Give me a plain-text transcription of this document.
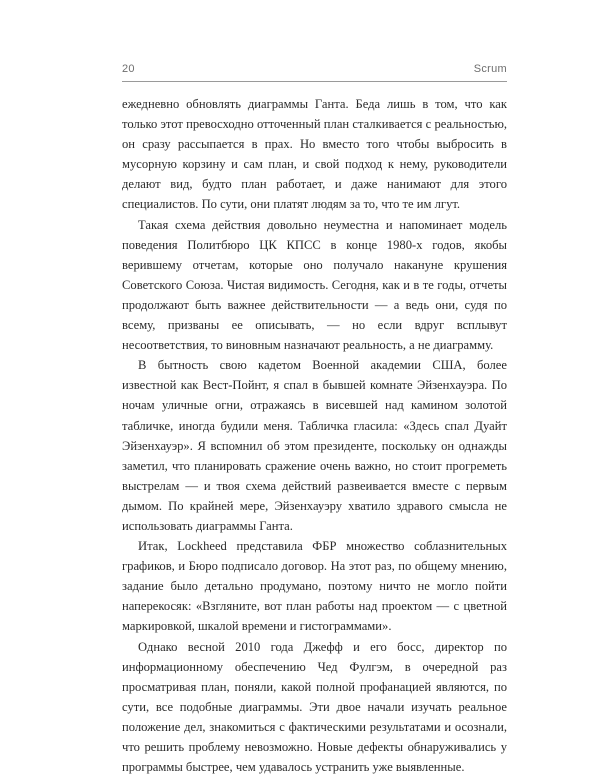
20	Scrum

ежедневно обновлять диаграммы Ганта. Беда лишь в том, что как только этот превосходно отточенный план сталкивается с реальностью, он сразу рассыпается в прах. Но вместо того чтобы выбросить в мусорную корзину и сам план, и свой подход к нему, руководители делают вид, будто план работает, и даже нанимают для этого специалистов. По сути, они платят людям за то, что те им лгут.

Такая схема действия довольно неуместна и напоминает модель поведения Политбюро ЦК КПСС в конце 1980-х годов, якобы верившему отчетам, которые оно получало накануне крушения Советского Союза. Чистая видимость. Сегодня, как и в те годы, отчеты продолжают быть важнее действительности — а ведь они, судя по всему, призваны ее описывать, — но если вдруг всплывут несоответствия, то виновным назначают реальность, а не диаграмму.

В бытность свою кадетом Военной академии США, более известной как Вест-Пойнт, я спал в бывшей комнате Эйзенхауэра. По ночам уличные огни, отражаясь в висевшей над камином золотой табличке, иногда будили меня. Табличка гласила: «Здесь спал Дуайт Эйзенхауэр». Я вспомнил об этом президенте, поскольку он однажды заметил, что планировать сражение очень важно, но стоит прогреметь выстрелам — и твоя схема действий развеивается вместе с первым дымом. По крайней мере, Эйзенхауэру хватило здравого смысла не использовать диаграммы Ганта.

Итак, Lockheed представила ФБР множество соблазнительных графиков, и Бюро подписало договор. На этот раз, по общему мнению, задание было детально продумано, поэтому ничто не могло пойти наперекосяк: «Взгляните, вот план работы над проектом — с цветной маркировкой, шкалой времени и гистограммами».

Однако весной 2010 года Джефф и его босс, директор по информационному обеспечению Чед Фулгэм, в очередной раз просматривая план, поняли, какой полной профанацией являются, по сути, все подобные диаграммы. Эти двое начали изучать реальное положение дел, знакомиться с фактическими результатами и осознали, что решить проблему невозможно. Новые дефекты обнаруживались у программы быстрее, чем удавалось устранить уже выявленные.
